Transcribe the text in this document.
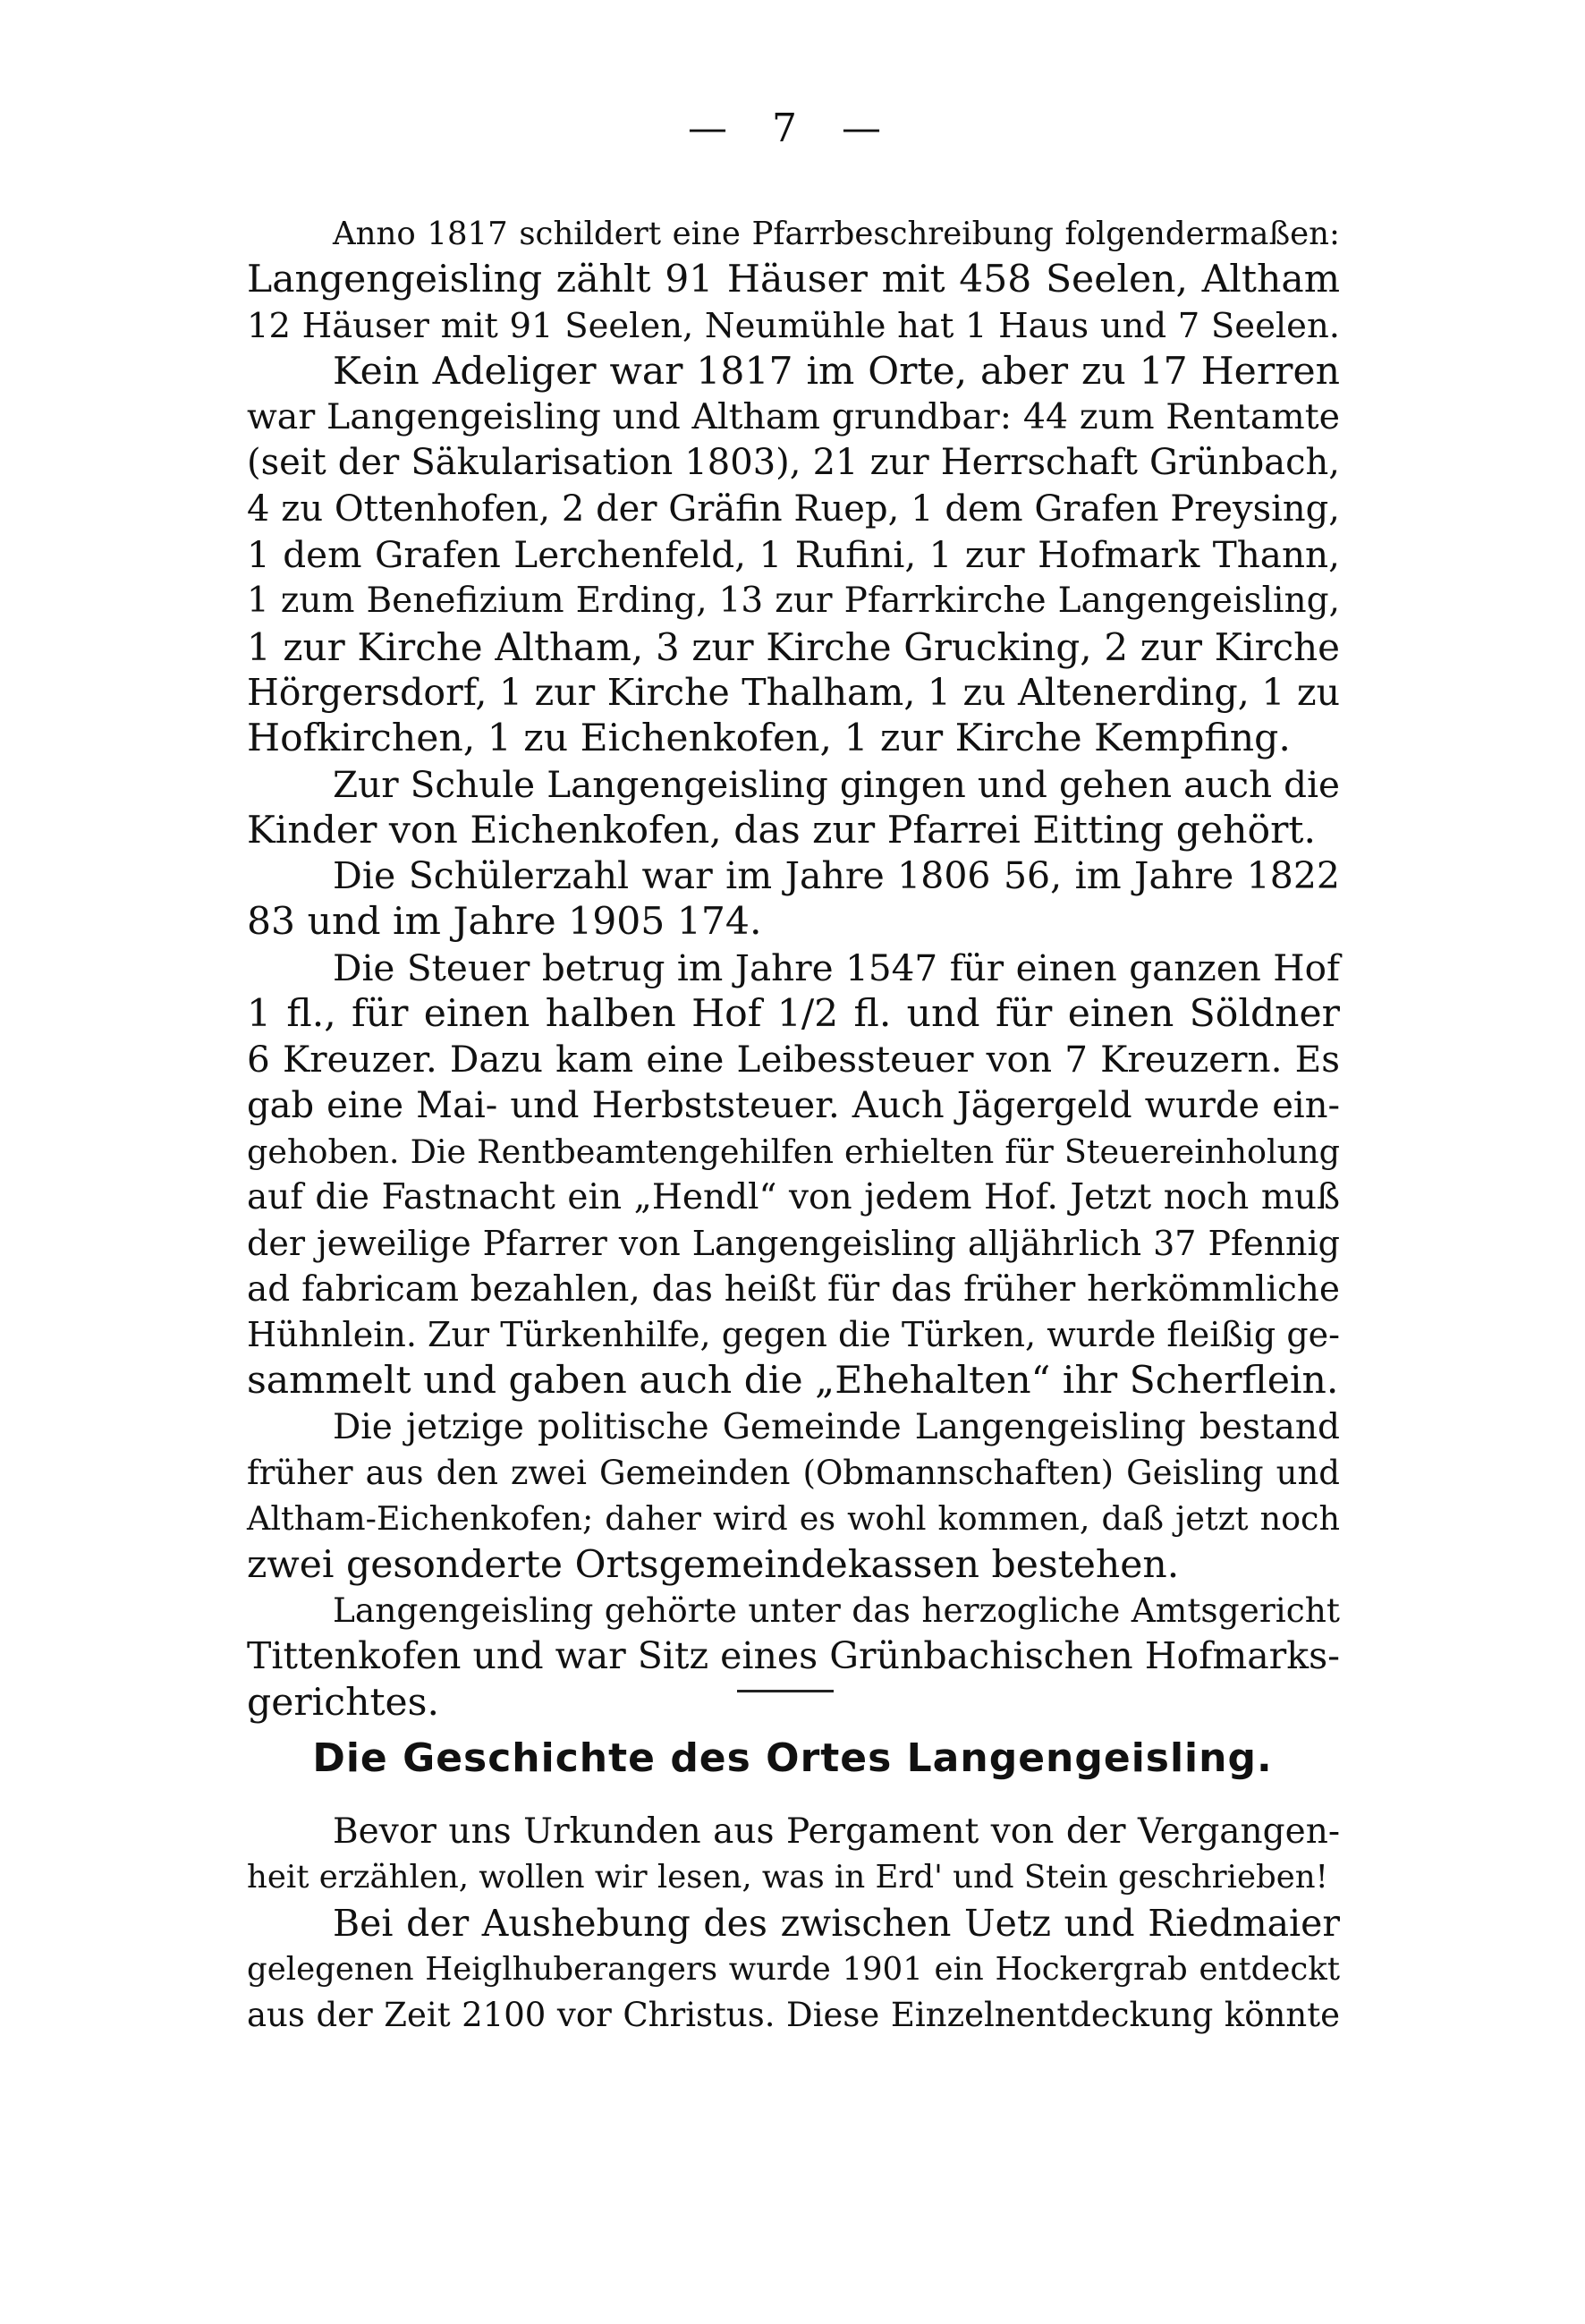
— 7 —
Anno 1817 schildert eine Pfarrbeschreibung folgendermaßen:
Langengeisling zählt 91 Häuser mit 458 Seelen, Altham
12 Häuser mit 91 Seelen, Neumühle hat 1 Haus und 7 Seelen.
Kein Adeliger war 1817 im Orte, aber zu 17 Herren
war Langengeisling und Altham grundbar: 44 zum Rentamte
(seit der Säkularisation 1803), 21 zur Herrschaft Grünbach,
4 zu Ottenhofen, 2 der Gräfin Ruep, 1 dem Grafen Preysing,
1 dem Grafen Lerchenfeld, 1 Rufini, 1 zur Hofmark Thann,
1 zum Benefizium Erding, 13 zur Pfarrkirche Langengeisling,
1 zur Kirche Altham, 3 zur Kirche Grucking, 2 zur Kirche
Hörgersdorf, 1 zur Kirche Thalham, 1 zu Altenerding, 1 zu
Hofkirchen, 1 zu Eichenkofen, 1 zur Kirche Kempfing.
Zur Schule Langengeisling gingen und gehen auch die
Kinder von Eichenkofen, das zur Pfarrei Eitting gehört.
Die Schülerzahl war im Jahre 1806 56, im Jahre 1822
83 und im Jahre 1905 174.
Die Steuer betrug im Jahre 1547 für einen ganzen Hof
1 fl., für einen halben Hof 1/2 fl. und für einen Söldner
6 Kreuzer. Dazu kam eine Leibessteuer von 7 Kreuzern. Es
gab eine Mai- und Herbststeuer. Auch Jägergeld wurde ein-
gehoben. Die Rentbeamtengehilfen erhielten für Steuereinholung
auf die Fastnacht ein „Hendl“ von jedem Hof. Jetzt noch muß
der jeweilige Pfarrer von Langengeisling alljährlich 37 Pfennig
ad fabricam bezahlen, das heißt für das früher herkömmliche
Hühnlein. Zur Türkenhilfe, gegen die Türken, wurde fleißig ge-
sammelt und gaben auch die „Ehehalten“ ihr Scherflein.
Die jetzige politische Gemeinde Langengeisling bestand
früher aus den zwei Gemeinden (Obmannschaften) Geisling und
Altham-Eichenkofen; daher wird es wohl kommen, daß jetzt noch
zwei gesonderte Ortsgemeindekassen bestehen.
Langengeisling gehörte unter das herzogliche Amtsgericht
Tittenkofen und war Sitz eines Grünbachischen Hofmarks-
gerichtes.
Die Geschichte des Ortes Langengeisling.
Bevor uns Urkunden aus Pergament von der Vergangen-
heit erzählen, wollen wir lesen, was in Erd' und Stein geschrieben!
Bei der Aushebung des zwischen Uetz und Riedmaier
gelegenen Heiglhuberangers wurde 1901 ein Hockergrab entdeckt
aus der Zeit 2100 vor Christus. Diese Einzelnentdeckung könnte
